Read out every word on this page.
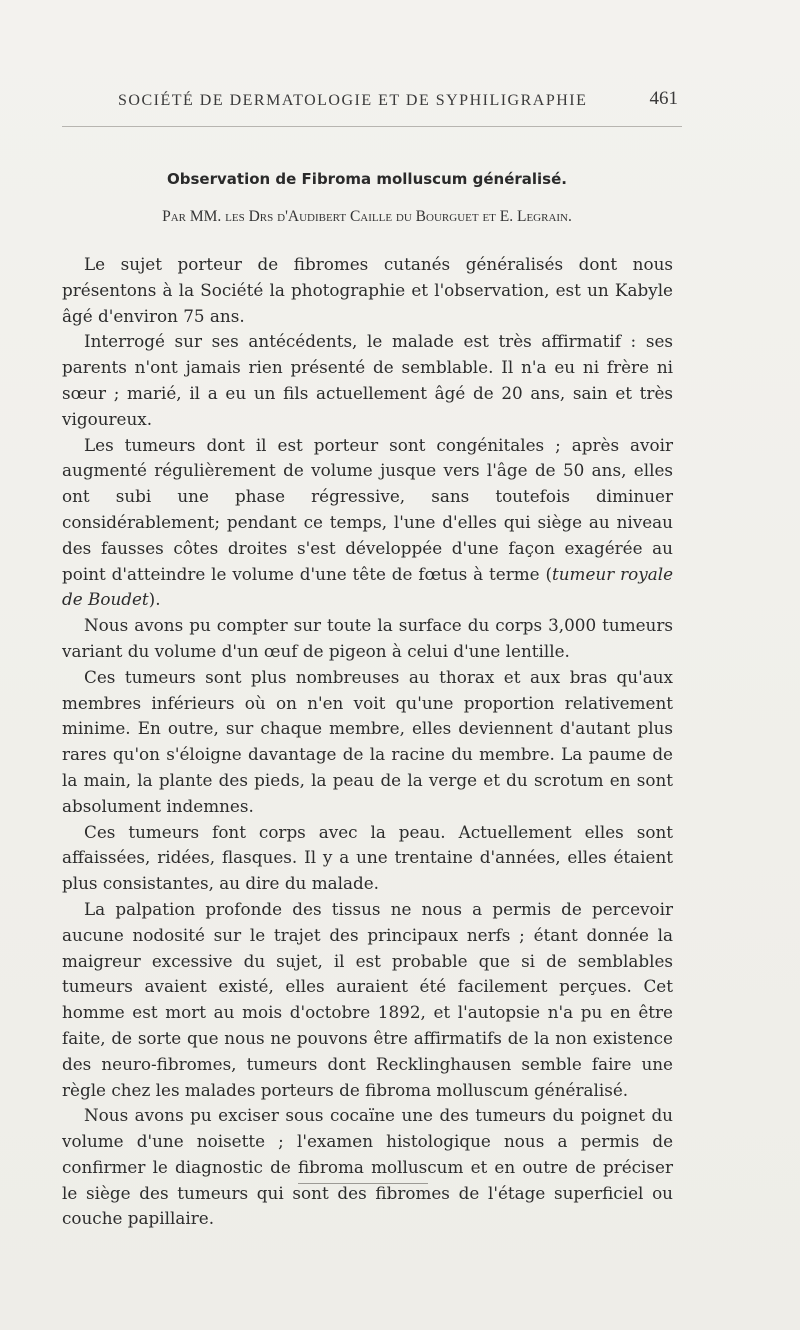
SOCIÉTÉ DE DERMATOLOGIE ET DE SYPHILIGRAPHIE	461
Observation de Fibroma molluscum généralisé.
Par MM. les Drs d'Audibert Caille du Bourguet et E. Legrain.

Le sujet porteur de fibromes cutanés généralisés dont nous présentons à la Société la photographie et l'observation, est un Kabyle âgé d'environ 75 ans.

Interrogé sur ses antécédents, le malade est très affirmatif : ses parents n'ont jamais rien présenté de semblable. Il n'a eu ni frère ni sœur ; marié, il a eu un fils actuellement âgé de 20 ans, sain et très vigoureux.

Les tumeurs dont il est porteur sont congénitales ; après avoir augmenté régulièrement de volume jusque vers l'âge de 50 ans, elles ont subi une phase régressive, sans toutefois diminuer considérablement; pendant ce temps, l'une d'elles qui siège au niveau des fausses côtes droites s'est développée d'une façon exagérée au point d'atteindre le volume d'une tête de fœtus à terme (tumeur royale de Boudet).

Nous avons pu compter sur toute la surface du corps 3,000 tumeurs variant du volume d'un œuf de pigeon à celui d'une lentille.

Ces tumeurs sont plus nombreuses au thorax et aux bras qu'aux membres inférieurs où on n'en voit qu'une proportion relativement minime. En outre, sur chaque membre, elles deviennent d'autant plus rares qu'on s'éloigne davantage de la racine du membre. La paume de la main, la plante des pieds, la peau de la verge et du scrotum en sont absolument indemnes.

Ces tumeurs font corps avec la peau. Actuellement elles sont affaissées, ridées, flasques. Il y a une trentaine d'années, elles étaient plus consistantes, au dire du malade.

La palpation profonde des tissus ne nous a permis de percevoir aucune nodosité sur le trajet des principaux nerfs ; étant donnée la maigreur excessive du sujet, il est probable que si de semblables tumeurs avaient existé, elles auraient été facilement perçues. Cet homme est mort au mois d'octobre 1892, et l'autopsie n'a pu en être faite, de sorte que nous ne pouvons être affirmatifs de la non existence des neuro-fibromes, tumeurs dont Recklinghausen semble faire une règle chez les malades porteurs de fibroma molluscum généralisé.

Nous avons pu exciser sous cocaïne une des tumeurs du poignet du volume d'une noisette ; l'examen histologique nous a permis de confirmer le diagnostic de fibroma molluscum et en outre de préciser le siège des tumeurs qui sont des fibromes de l'étage superficiel ou couche papillaire.
